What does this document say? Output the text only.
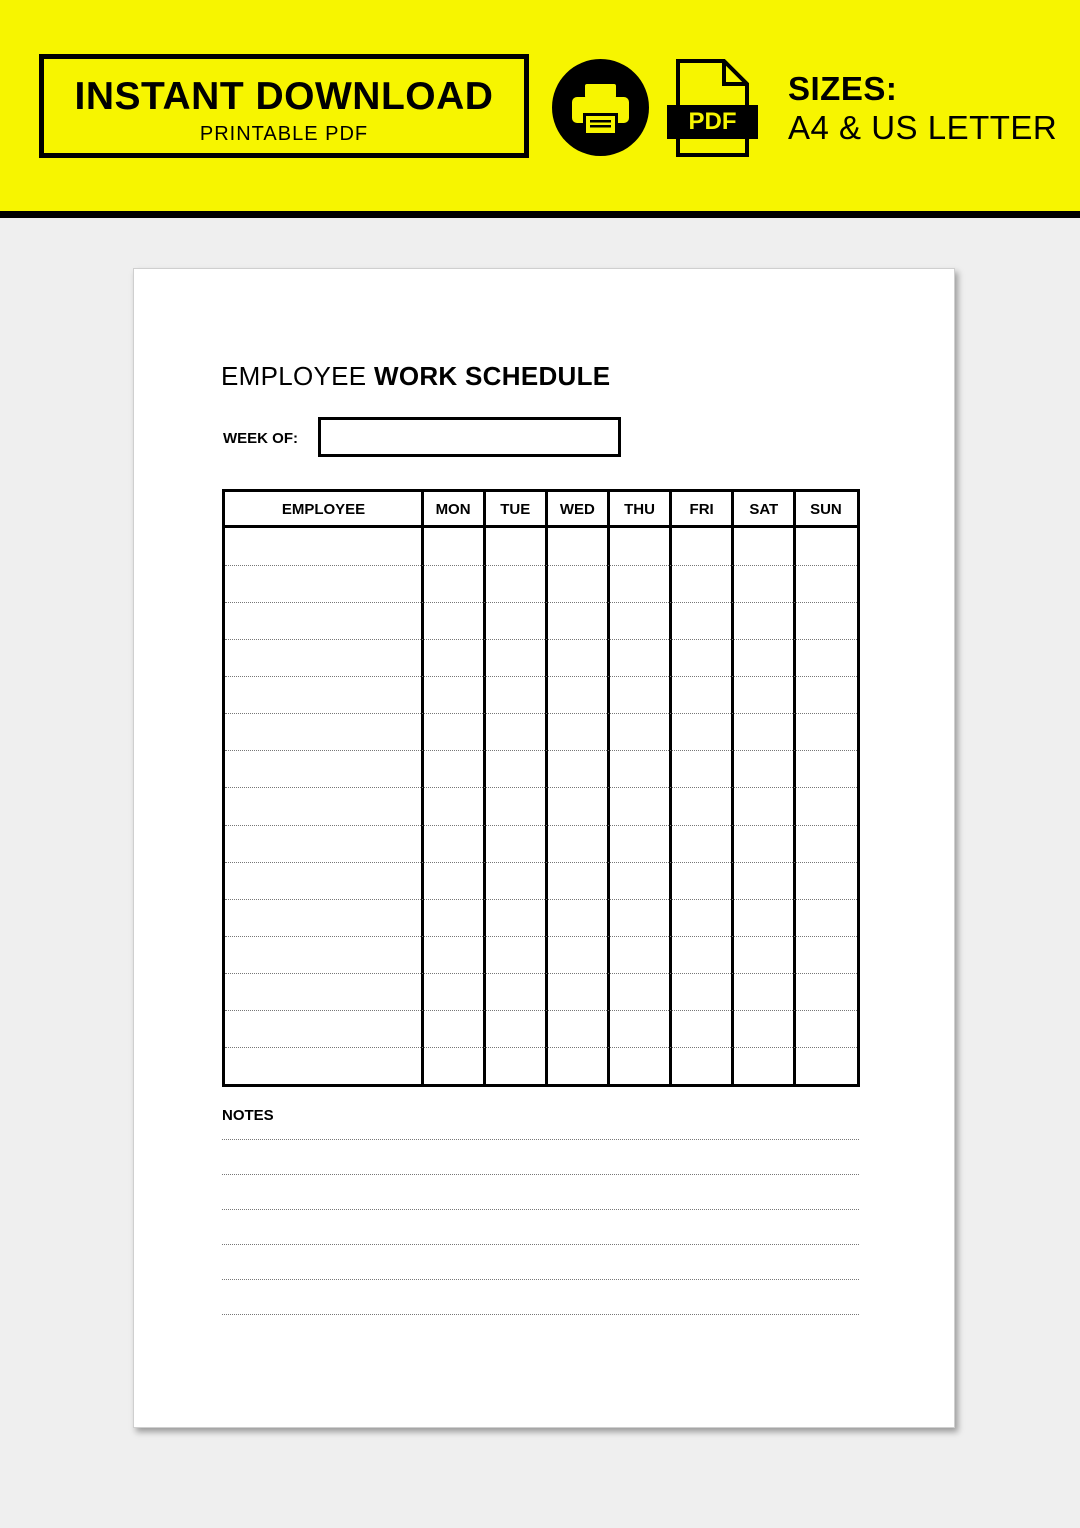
INSTANT DOWNLOAD
PRINTABLE PDF	PDF
SIZES:
A4 & US LETTER
EMPLOYEE WORK SCHEDULE
WEEK OF:
EMPLOYEE	MON	TUE	WED	THU	FRI	SAT	SUN
NOTES
